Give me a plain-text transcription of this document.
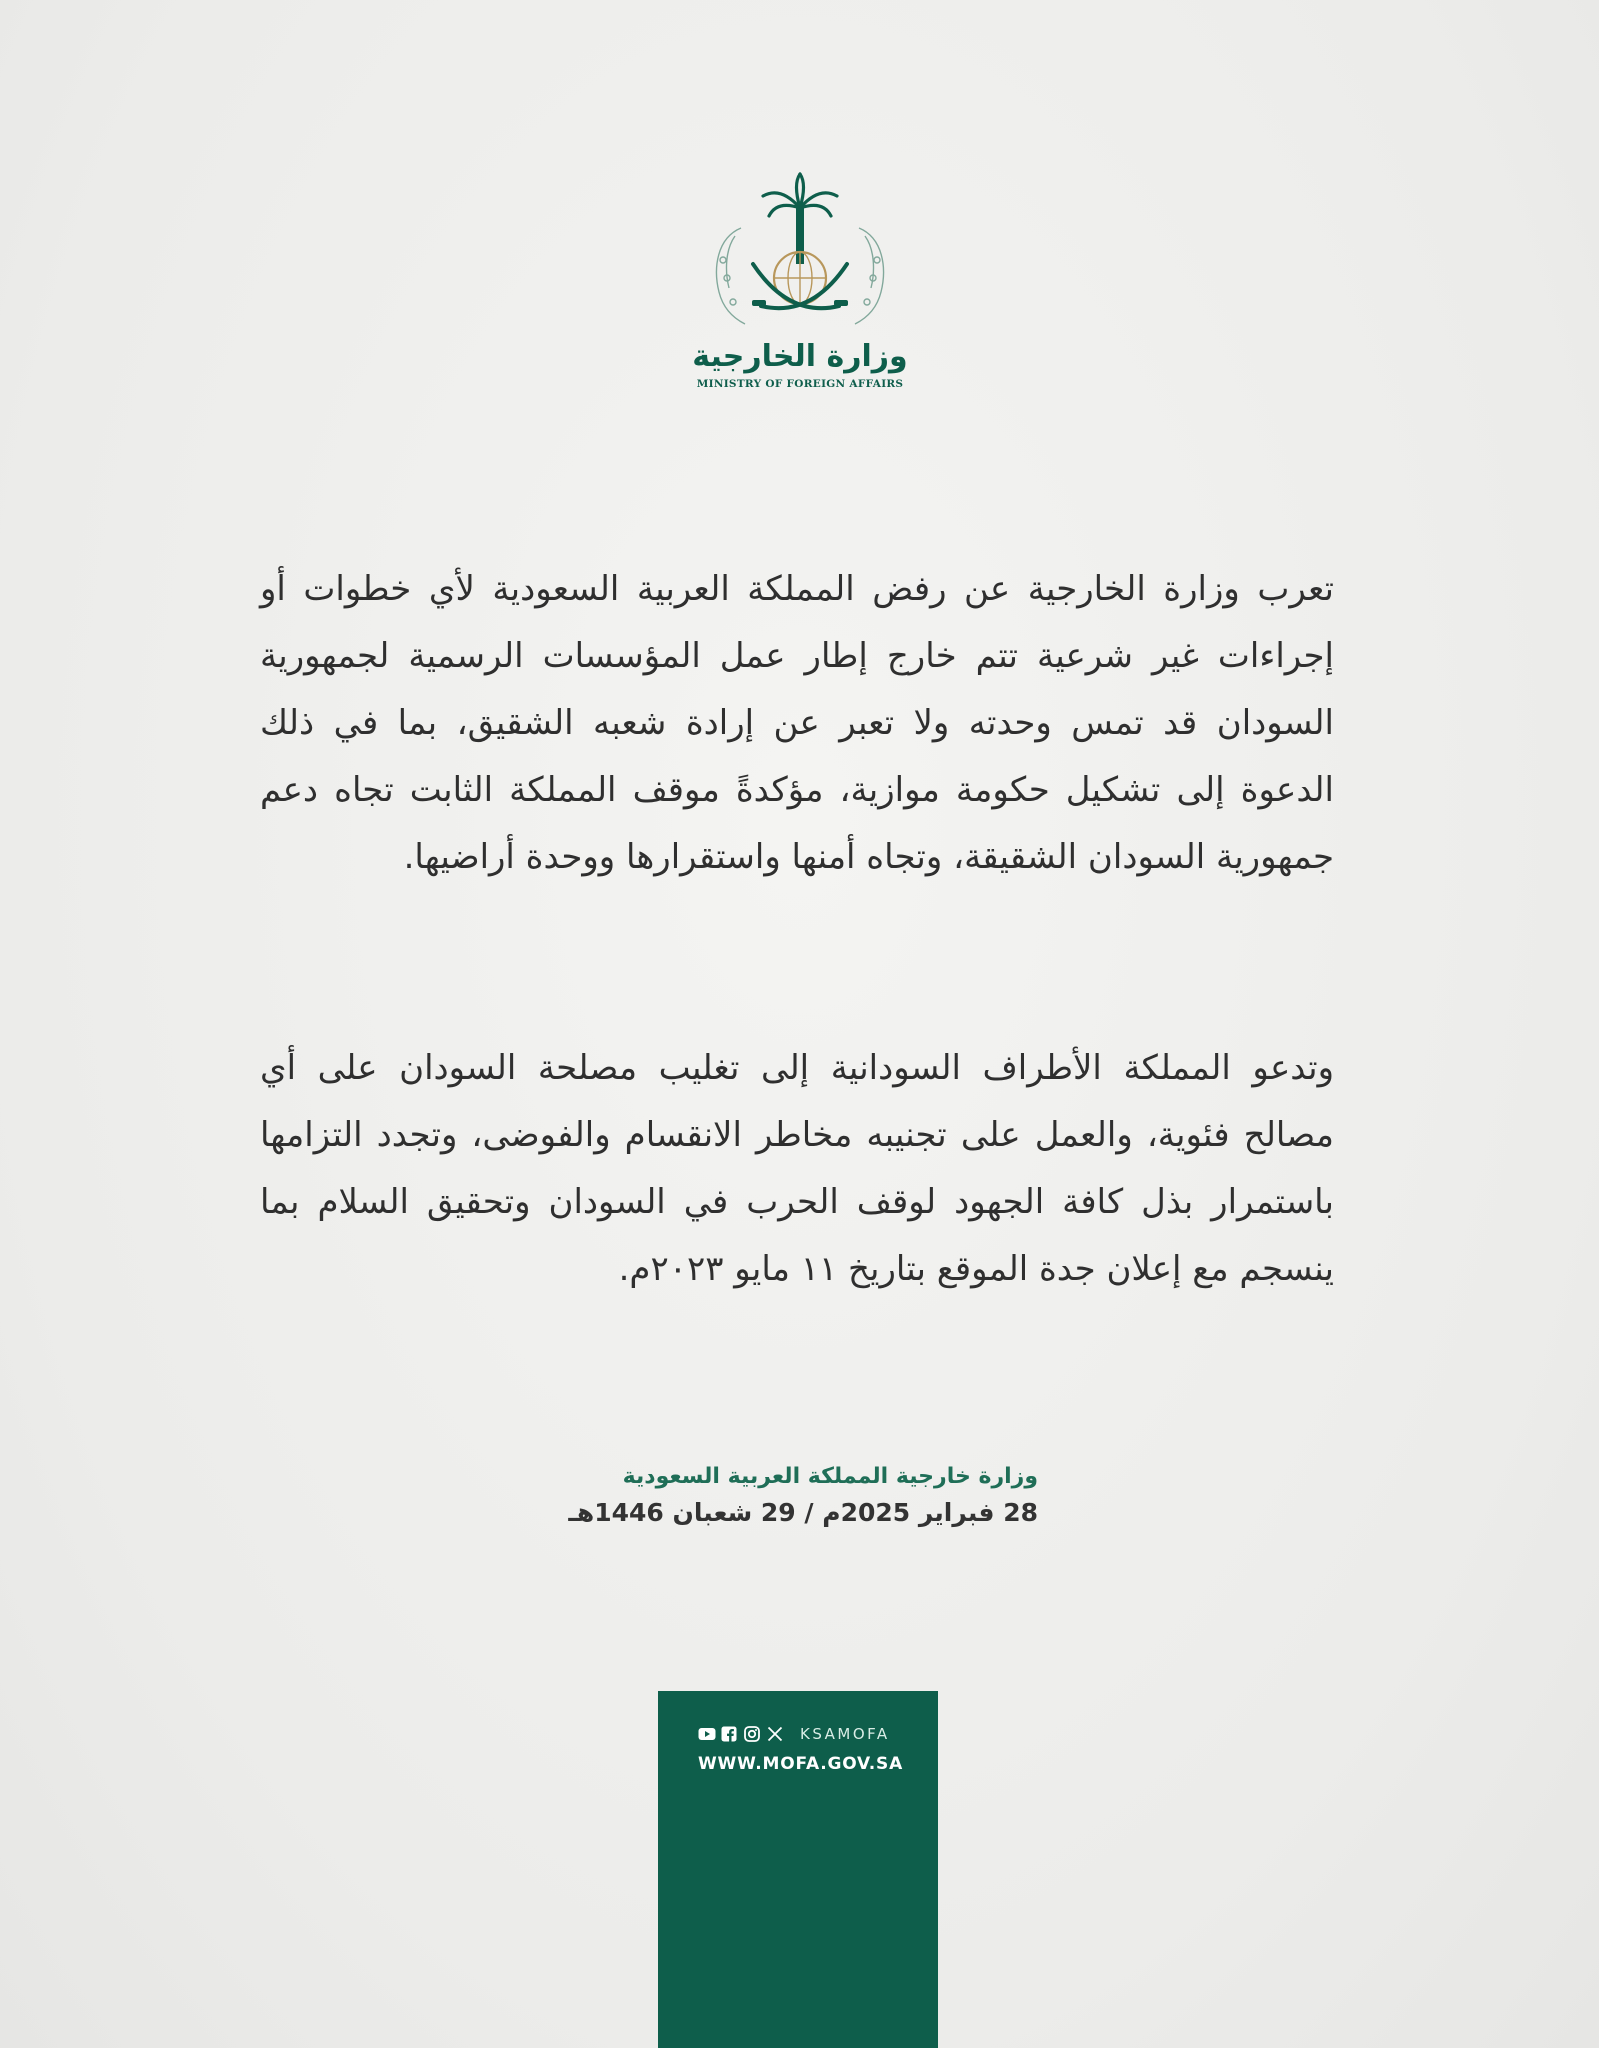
وزارة الخارجية
MINISTRY OF FOREIGN AFFAIRS
تعرب وزارة الخارجية عن رفض المملكة العربية السعودية لأي خطوات أو إجراءات غير شرعية تتم خارج إطار عمل المؤسسات الرسمية لجمهورية السودان قد تمس وحدته ولا تعبر عن إرادة شعبه الشقيق، بما في ذلك الدعوة إلى تشكيل حكومة موازية، مؤكدةً موقف المملكة الثابت تجاه دعم جمهورية السودان الشقيقة، وتجاه أمنها واستقرارها ووحدة أراضيها.
وتدعو المملكة الأطراف السودانية إلى تغليب مصلحة السودان على أي مصالح فئوية، والعمل على تجنيبه مخاطر الانقسام والفوضى، وتجدد التزامها باستمرار بذل كافة الجهود لوقف الحرب في السودان وتحقيق السلام بما ينسجم مع إعلان جدة الموقع بتاريخ ١١ مايو ٢٠٢٣م.
وزارة خارجية المملكة العربية السعودية
28 فبراير 2025م / 29 شعبان 1446هـ
KSAMOFA
WWW.MOFA.GOV.SA
